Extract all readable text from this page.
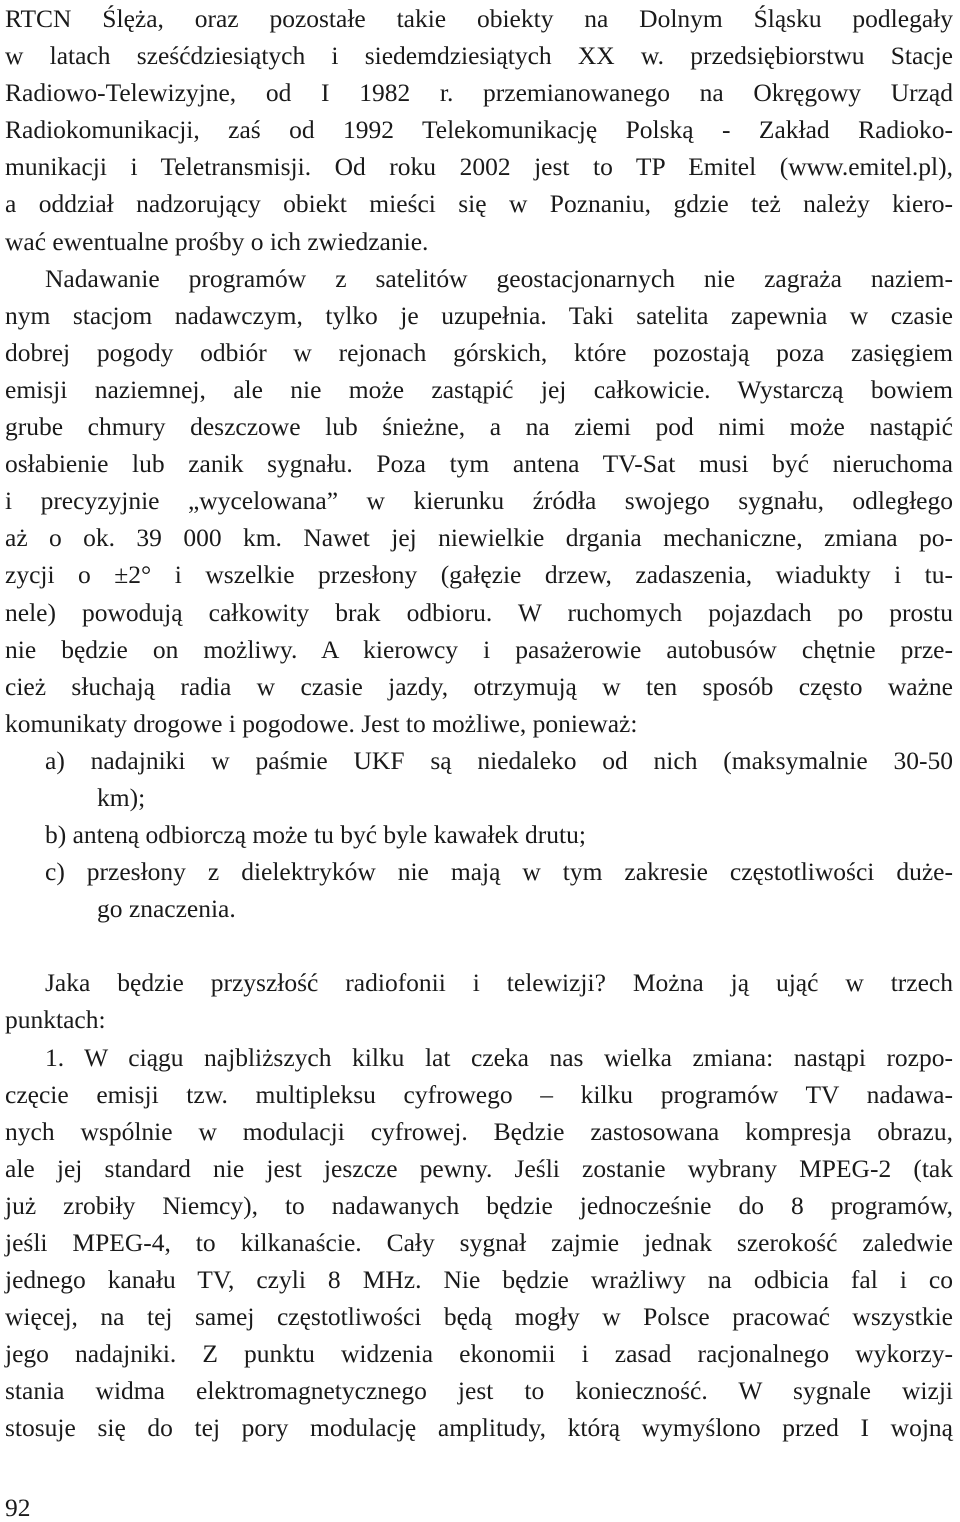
RTCN Ślęża, oraz pozostałe takie obiekty na Dolnym Śląsku podlegały
w latach sześćdziesiątych i siedemdziesiątych XX w. przedsiębiorstwu Stacje
Radiowo-Telewizyjne, od I 1982 r. przemianowanego na Okręgowy Urząd
Radiokomunikacji, zaś od 1992 Telekomunikację Polską - Zakład Radioko-
munikacji i Teletransmisji. Od roku 2002 jest to TP Emitel (www.emitel.pl),
a oddział nadzorujący obiekt mieści się w Poznaniu, gdzie też należy kiero-
wać ewentualne prośby o ich zwiedzanie.
Nadawanie programów z satelitów geostacjonarnych nie zagraża naziem-
nym stacjom nadawczym, tylko je uzupełnia. Taki satelita zapewnia w czasie
dobrej pogody odbiór w rejonach górskich, które pozostają poza zasięgiem
emisji naziemnej, ale nie może zastąpić jej całkowicie. Wystarczą bowiem
grube chmury deszczowe lub śnieżne, a na ziemi pod nimi może nastąpić
osłabienie lub zanik sygnału. Poza tym antena TV-Sat musi być nieruchoma
i precyzyjnie „wycelowana” w kierunku źródła swojego sygnału, odległego
aż o ok. 39 000 km. Nawet jej niewielkie drgania mechaniczne, zmiana po-
zycji o ±2° i wszelkie przesłony (gałęzie drzew, zadaszenia, wiadukty i tu-
nele) powodują całkowity brak odbioru. W ruchomych pojazdach po prostu
nie będzie on możliwy. A kierowcy i pasażerowie autobusów chętnie prze-
cież słuchają radia w czasie jazdy, otrzymują w ten sposób często ważne
komunikaty drogowe i pogodowe. Jest to możliwe, ponieważ:
a) nadajniki w paśmie UKF są niedaleko od nich (maksymalnie 30-50
km);
b) anteną odbiorczą może tu być byle kawałek drutu;
c) przesłony z dielektryków nie mają w tym zakresie częstotliwości duże-
go znaczenia.
Jaka będzie przyszłość radiofonii i telewizji? Można ją ująć w trzech
punktach:
1. W ciągu najbliższych kilku lat czeka nas wielka zmiana: nastąpi rozpo-
częcie emisji tzw. multipleksu cyfrowego – kilku programów TV nadawa-
nych wspólnie w modulacji cyfrowej. Będzie zastosowana kompresja obrazu,
ale jej standard nie jest jeszcze pewny. Jeśli zostanie wybrany MPEG-2 (tak
już zrobiły Niemcy), to nadawanych będzie jednocześnie do 8 programów,
jeśli MPEG-4, to kilkanaście. Cały sygnał zajmie jednak szerokość zaledwie
jednego kanału TV, czyli 8 MHz. Nie będzie wrażliwy na odbicia fal i co
więcej, na tej samej częstotliwości będą mogły w Polsce pracować wszystkie
jego nadajniki. Z punktu widzenia ekonomii i zasad racjonalnego wykorzy-
stania widma elektromagnetycznego jest to konieczność. W sygnale wizji
stosuje się do tej pory modulację amplitudy, którą wymyślono przed I wojną
92
